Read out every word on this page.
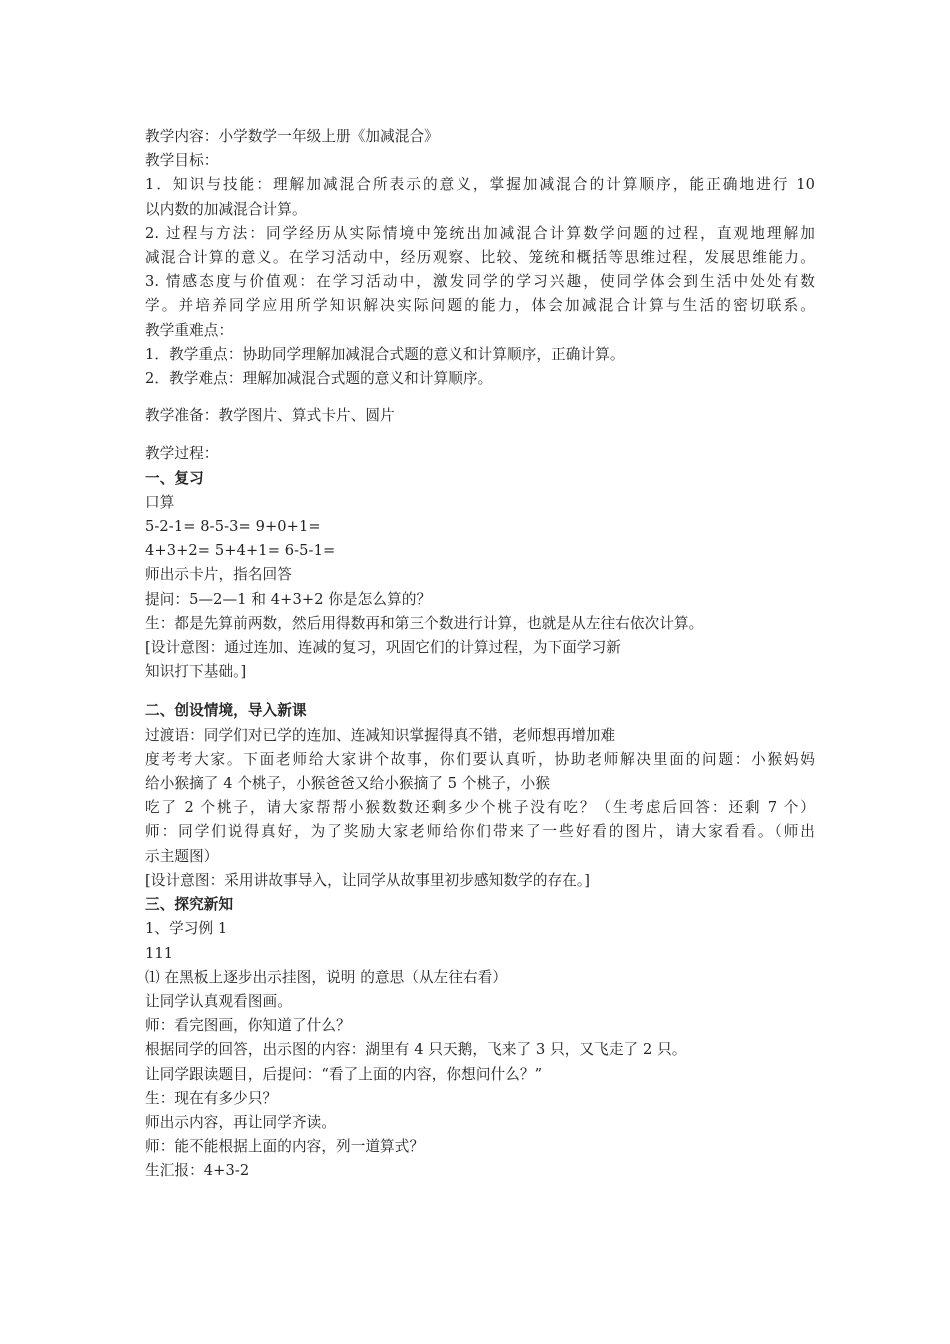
教学内容：小学数学一年级上册《加减混合》
教学目标：
1．知识与技能：理解加减混合所表示的意义，掌握加减混合的计算顺序，能正确地进行 10
以内数的加减混合计算。
2. 过程与方法：同学经历从实际情境中笼统出加减混合计算数学问题的过程，直观地理解加
减混合计算的意义。在学习活动中，经历观察、比较、笼统和概括等思维过程，发展思维能力。
3. 情感态度与价值观：在学习活动中，激发同学的学习兴趣，使同学体会到生活中处处有数
学。并培养同学应用所学知识解决实际问题的能力，体会加减混合计算与生活的密切联系。
教学重难点：
1．教学重点：协助同学理解加减混合式题的意义和计算顺序，正确计算。
2．教学难点：理解加减混合式题的意义和计算顺序。
教学准备：教学图片、算式卡片、圆片
教学过程：
一、复习
口算
5-2-1= 8-5-3= 9+0+1=
4+3+2= 5+4+1= 6-5-1=
师出示卡片，指名回答
提问：5—2—1 和 4+3+2 你是怎么算的？
生：都是先算前两数，然后用得数再和第三个数进行计算，也就是从左往右依次计算。
[设计意图：通过连加、连减的复习，巩固它们的计算过程，为下面学习新
知识打下基础。]
二、创设情境，导入新课
过渡语：同学们对已学的连加、连减知识掌握得真不错，老师想再增加难
度考考大家。下面老师给大家讲个故事，你们要认真听，协助老师解决里面的问题：小猴妈妈
给小猴摘了 4 个桃子，小猴爸爸又给小猴摘了 5 个桃子，小猴
吃了 2 个桃子，请大家帮帮小猴数数还剩多少个桃子没有吃？（生考虑后回答：还剩 7 个）
师：同学们说得真好，为了奖励大家老师给你们带来了一些好看的图片，请大家看看。（师出
示主题图）
[设计意图：采用讲故事导入，让同学从故事里初步感知数学的存在。]
三、探究新知
1、学习例 1
111
⑴ 在黑板上逐步出示挂图，说明 的意思（从左往右看）
让同学认真观看图画。
师：看完图画，你知道了什么？
根据同学的回答，出示图的内容：湖里有 4 只天鹅，飞来了 3 只，又飞走了 2 只。
让同学跟读题目，后提问：“看了上面的内容，你想问什么？”
生：现在有多少只？
师出示内容，再让同学齐读。
师：能不能根据上面的内容，列一道算式？
生汇报：4+3-2
